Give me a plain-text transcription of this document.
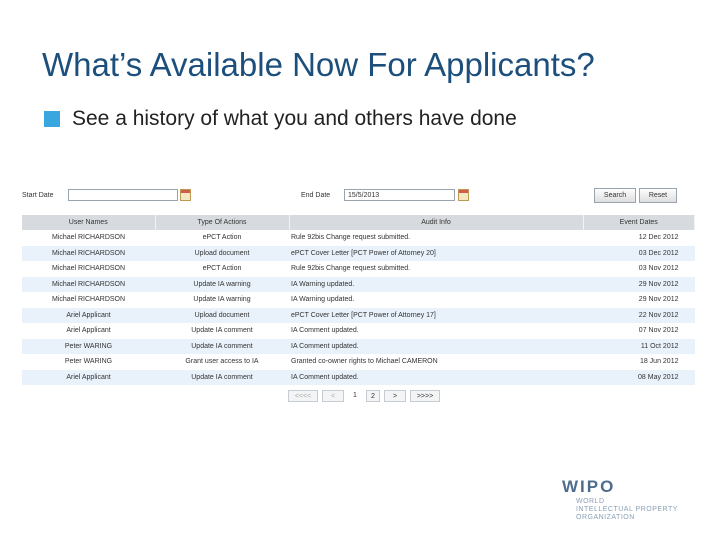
What’s Available Now For Applicants?
See a history of what you and others have done
Start Date	End Date	15/5/2013	Search	Reset
User Names	Type Of Actions	Audit Info	Event Dates
Michael RICHARDSON	ePCT Action	Rule 92bis Change request submitted.	12 Dec 2012
Michael RICHARDSON	Upload document	ePCT Cover Letter [PCT Power of Attorney 20]	03 Dec 2012
Michael RICHARDSON	ePCT Action	Rule 92bis Change request submitted.	03 Nov 2012
Michael RICHARDSON	Update IA warning	IA Warning updated.	29 Nov 2012
Michael RICHARDSON	Update IA warning	IA Warning updated.	29 Nov 2012
Ariel Applicant	Upload document	ePCT Cover Letter [PCT Power of Attorney 17]	22 Nov 2012
Ariel Applicant	Update IA comment	IA Comment updated.	07 Nov 2012
Peter WARING	Update IA comment	IA Comment updated.	11 Oct 2012
Peter WARING	Grant user access to IA	Granted co-owner rights to Michael CAMERON	18 Jun 2012
Ariel Applicant	Update IA comment	IA Comment updated.	08 May 2012
<<<<	<	1	2	>	>>>>
WIPO
WORLD
INTELLECTUAL PROPERTY
ORGANIZATION
